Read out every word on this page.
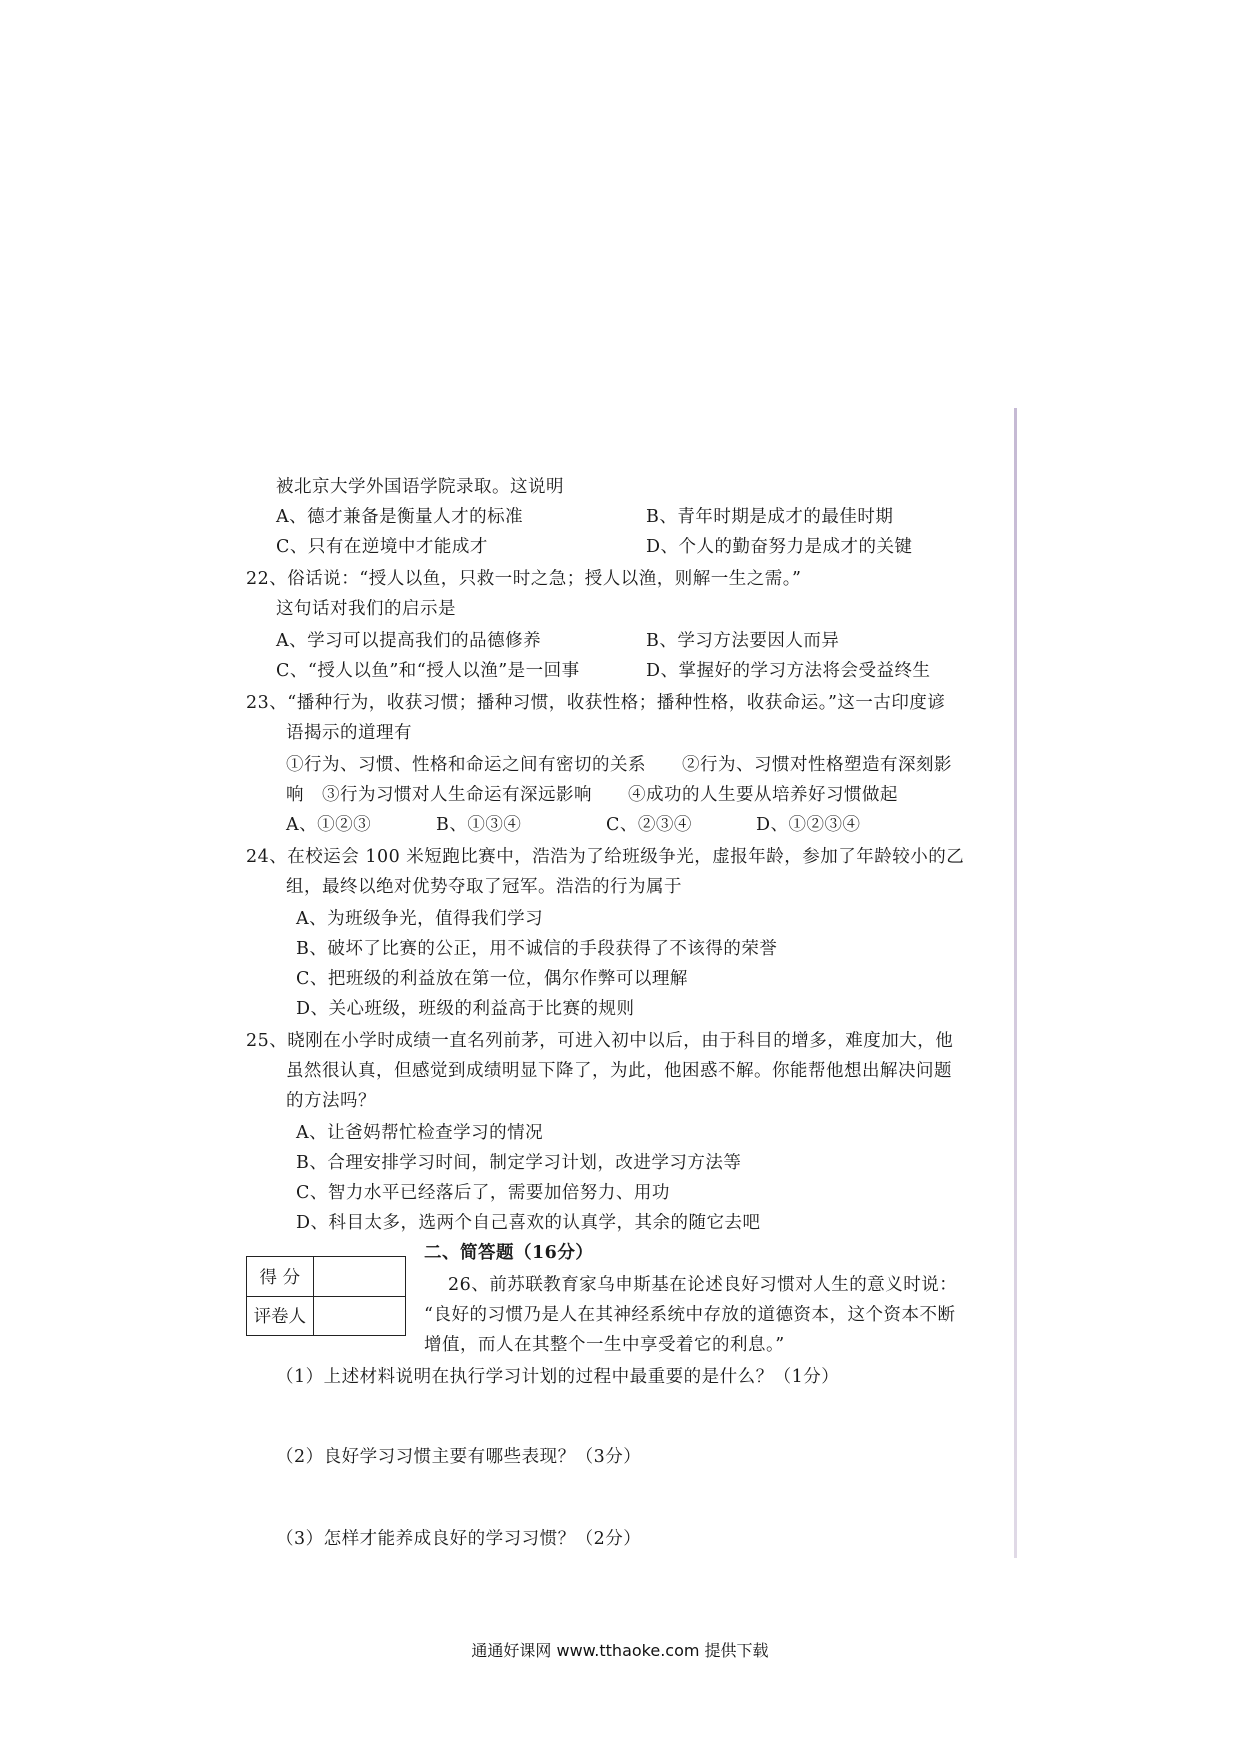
被北京大学外国语学院录取。这说明
A、德才兼备是衡量人才的标准	B、青年时期是成才的最佳时期
C、只有在逆境中才能成才	D、个人的勤奋努力是成才的关键
22、俗话说：“授人以鱼，只救一时之急；授人以渔，则解一生之需。”
这句话对我们的启示是
A、学习可以提高我们的品德修养	B、学习方法要因人而异
C、“授人以鱼”和“授人以渔”是一回事	D、掌握好的学习方法将会受益终生
23、“播种行为，收获习惯；播种习惯，收获性格；播种性格，收获命运。”这一古印度谚
语揭示的道理有
①行为、习惯、性格和命运之间有密切的关系　　②行为、习惯对性格塑造有深刻影
响　③行为习惯对人生命运有深远影响　　④成功的人生要从培养好习惯做起
A、①②③	B、①③④	C、②③④	D、①②③④
24、在校运会 100 米短跑比赛中，浩浩为了给班级争光，虚报年龄，参加了年龄较小的乙
组，最终以绝对优势夺取了冠军。浩浩的行为属于
A、为班级争光，值得我们学习
B、破坏了比赛的公正，用不诚信的手段获得了不该得的荣誉
C、把班级的利益放在第一位，偶尔作弊可以理解
D、关心班级，班级的利益高于比赛的规则
25、晓刚在小学时成绩一直名列前茅，可进入初中以后，由于科目的增多，难度加大，他
虽然很认真，但感觉到成绩明显下降了，为此，他困惑不解。你能帮他想出解决问题
的方法吗？
A、让爸妈帮忙检查学习的情况
B、合理安排学习时间，制定学习计划，改进学习方法等
C、智力水平已经落后了，需要加倍努力、用功
D、科目太多，选两个自己喜欢的认真学，其余的随它去吧
得 分	
评卷人	
二、简答题（16分）
26、前苏联教育家乌申斯基在论述良好习惯对人生的意义时说：
“良好的习惯乃是人在其神经系统中存放的道德资本，这个资本不断
增值，而人在其整个一生中享受着它的利息。”
（1）上述材料说明在执行学习计划的过程中最重要的是什么？（1分）
（2）良好学习习惯主要有哪些表现？（3分）
（3）怎样才能养成良好的学习习惯？（2分）
通通好课网 www.tthaoke.com 提供下载
